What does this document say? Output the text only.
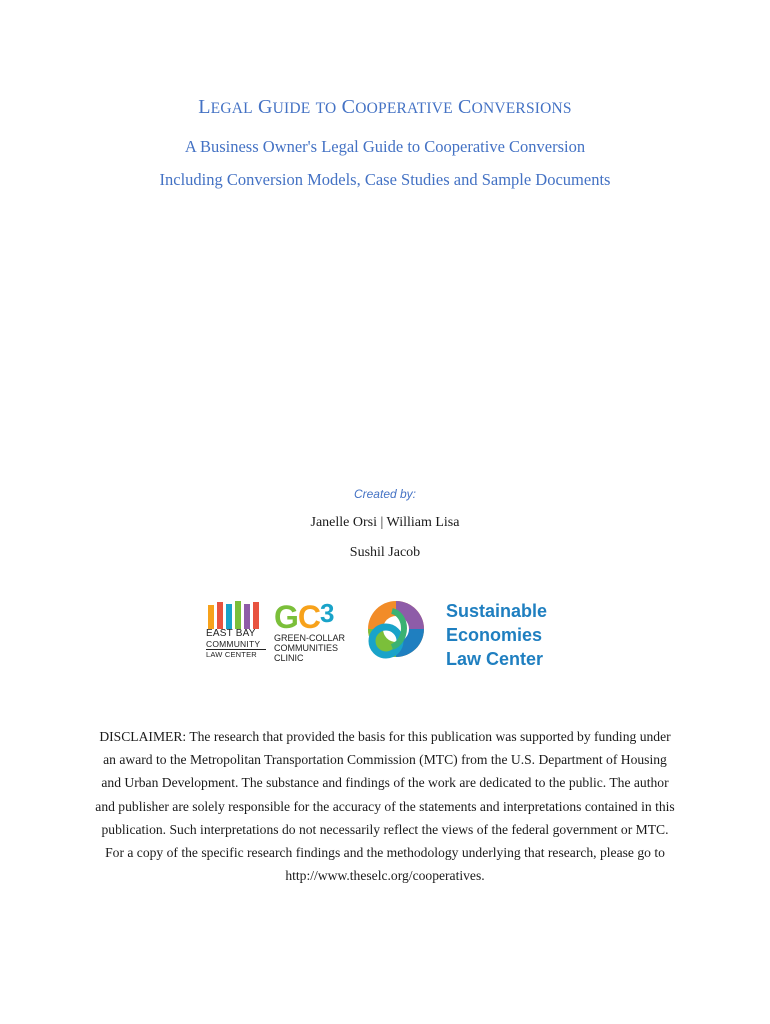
LEGAL GUIDE TO COOPERATIVE CONVERSIONS
A Business Owner's Legal Guide to Cooperative Conversion
Including Conversion Models, Case Studies and Sample Documents
Created by:
Janelle Orsi | William Lisa
Sushil Jacob
EAST BAY
COMMUNITY
LAW CENTER
GC3
GREEN-COLLAR
COMMUNITIES
CLINIC
Sustainable
Economies
Law Center
DISCLAIMER: The research that provided the basis for this publication was supported by funding under an award to the Metropolitan Transportation Commission (MTC) from the U.S. Department of Housing and Urban Development. The substance and findings of the work are dedicated to the public. The author and publisher are solely responsible for the accuracy of the statements and interpretations contained in this publication. Such interpretations do not necessarily reflect the views of the federal government or MTC. For a copy of the specific research findings and the methodology underlying that research, please go to http://www.theselc.org/cooperatives.
